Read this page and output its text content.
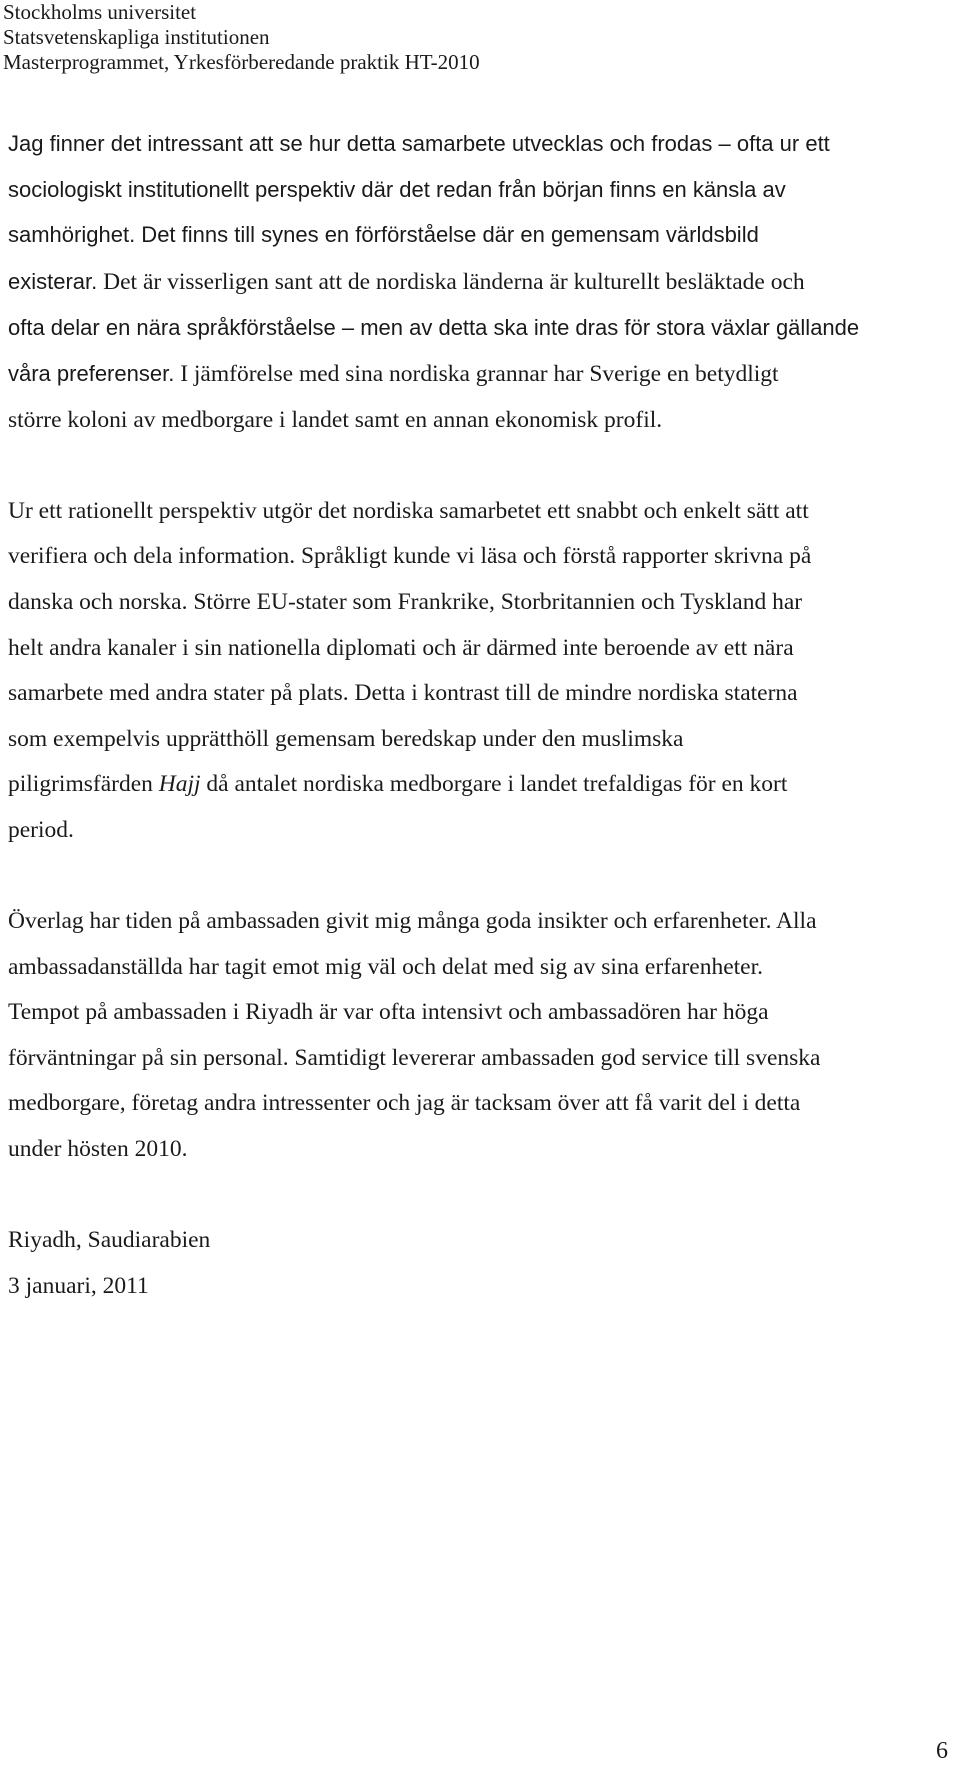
Stockholms universitet
Statsvetenskapliga institutionen
Masterprogrammet, Yrkesförberedande praktik HT-2010
Jag finner det intressant att se hur detta samarbete utvecklas och frodas – ofta ur ett
sociologiskt institutionellt perspektiv där det redan från början finns en känsla av
samhörighet. Det finns till synes en förförståelse där en gemensam världsbild
existerar. Det är visserligen sant att de nordiska länderna är kulturellt besläktade och
ofta delar en nära språkförståelse – men av detta ska inte dras för stora växlar gällande
våra preferenser. I jämförelse med sina nordiska grannar har Sverige en betydligt
större koloni av medborgare i landet samt en annan ekonomisk profil.
Ur ett rationellt perspektiv utgör det nordiska samarbetet ett snabbt och enkelt sätt att
verifiera och dela information. Språkligt kunde vi läsa och förstå rapporter skrivna på
danska och norska. Större EU-stater som Frankrike, Storbritannien och Tyskland har
helt andra kanaler i sin nationella diplomati och är därmed inte beroende av ett nära
samarbete med andra stater på plats. Detta i kontrast till de mindre nordiska staterna
som exempelvis upprätthöll gemensam beredskap under den muslimska
piligrimsfärden Hajj då antalet nordiska medborgare i landet trefaldigas för en kort
period.
Överlag har tiden på ambassaden givit mig många goda insikter och erfarenheter. Alla
ambassadanställda har tagit emot mig väl och delat med sig av sina erfarenheter.
Tempot på ambassaden i Riyadh är var ofta intensivt och ambassadören har höga
förväntningar på sin personal. Samtidigt levererar ambassaden god service till svenska
medborgare, företag andra intressenter och jag är tacksam över att få varit del i detta
under hösten 2010.
Riyadh, Saudiarabien
3 januari, 2011
6
